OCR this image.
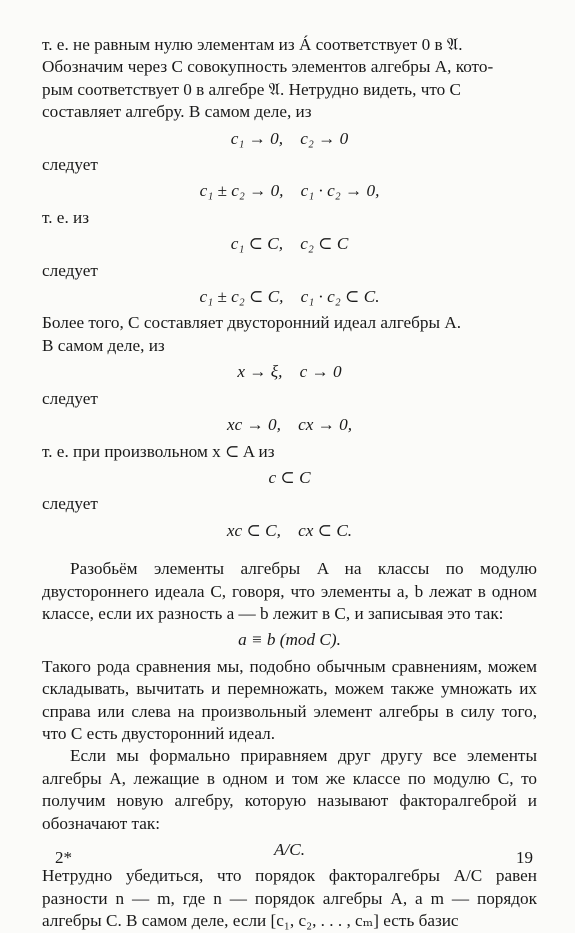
т. е. не равным нулю элементам из Á соответствует 0 в 𝔄.

Обозначим через C совокупность элементов алгебры A, кото-

рым соответствует 0 в алгебре 𝔄. Нетрудно видеть, что C

составляет алгебру. В самом деле, из

c₁ → 0,    c₂ → 0

следует

c₁ ± c₂ → 0,    c₁ · c₂ → 0,

т. е. из

c₁ ⊂ C,    c₂ ⊂ C

следует

c₁ ± c₂ ⊂ C,    c₁ · c₂ ⊂ C.

Более того, C составляет двусторонний идеал алгебры A.

В самом деле, из

x → ξ,    c → 0

следует

xc → 0,    cx → 0,

т. е. при произвольном x ⊂ A из

c ⊂ C

следует

xc ⊂ C,    cx ⊂ C.

Разобьём элементы алгебры A на классы по модулю двустороннего идеала C, говоря, что элементы a, b лежат в одном классе, если их разность a — b лежит в C, и записывая это так:

a ≡ b (mod C).

Такого рода сравнения мы, подобно обычным сравнениям, можем складывать, вычитать и перемножать, можем также умножать их справа или слева на произвольный элемент алгебры в силу того, что C есть двусторонний идеал.

Если мы формально приравняем друг другу все элементы алгебры A, лежащие в одном и том же классе по модулю C, то получим новую алгебру, которую называют факторалгеброй и обозначают так:

A/C.

Нетрудно убедиться, что порядок факторалгебры A/C равен разности n — m, где n — порядок алгебры A, a m — порядок алгебры C. В самом деле, если [c₁, c₂, . . . , cₘ] есть базис

2*	19
